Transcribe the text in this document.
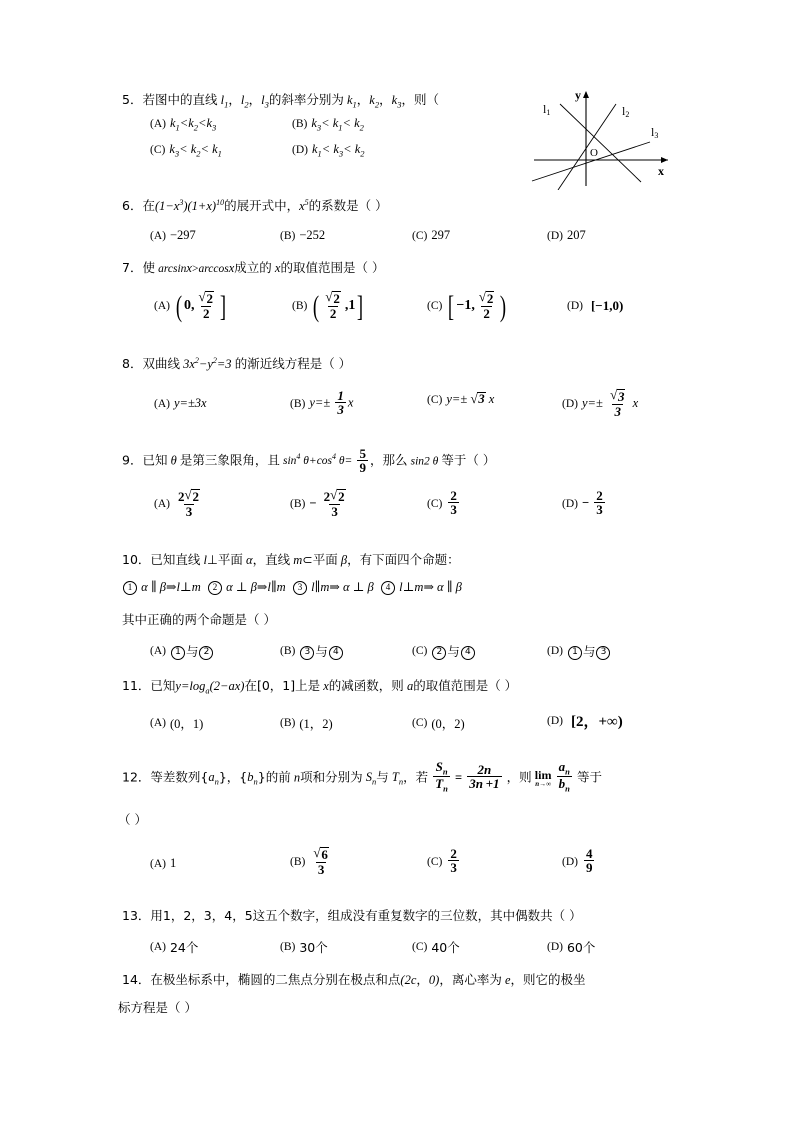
l1	l2
l3
y
x
O
5．若图中的直线 $l_1$，$l_2$，$l_3$的斜率分别为 $k_1$，$k_2$，$k_3$，则（
(A) $k_1<k_2<k_3$	(B) $k_3< k_1< k_2$
(C) $k_3< k_2< k_1$	(D) $k_1< k_3< k_2$
6．在$(1-x^3)(1+x)^{10}$的展开式中，$x^5$的系数是（ ）
(A) −297	(B) −252	(C) 297	(D) 207
7．使 arcsinx>arccosx成立的 x的取值范围是（ ）
(A) ( 0, √ $\frac{2}{2}$ ]	(B) ( √ $\frac{2}{2} ,1$ ]	(C) [ −1, √ $\frac{2}{2}$ )	(D) [−1,0)
8．双曲线 $3x^2-y^2=3$ 的渐近线方程是（ ）
(A) y=±3x	(B) $y=\pm \frac{1}{3}$ x	(C) y=± √ 3 x	(D) y=± √ $\frac{3}{3}$ x
9．已知 θ 是第三象限角，且 $\sin^4 \theta+\cos^4$ $\theta= \frac{5}{9}$ ，那么 sin2 θ 等于（ ）
$(A) \frac{2 √ 2}{3}$	$(B) - \frac{2 √ 2}{3}$	$(C) \frac{2}{3}$	$(D) - \frac{2}{3}$
10．已知直线 l⊥平面 α，直线 m⊂平面 β，有下面四个命题：
1 α ∥ β⇒l⊥m 2 α ⊥ β⇒l∥m 3 l∥m⇒ α ⊥ β 4 l⊥m⇒ α ∥ β
其中正确的两个命题是（ ）
(A)	1 与 2	(B)	3 与 4	(C)	2 与 4	(D)	1 与 3
11．已知$y=\log_a(2-ax)$在[0，1]上是 x的减函数，则 a的取值范围是（ ）
(A) (0，1)	(B) (1，2)	(C) (0，2)	(D) [2，+∞)
12．等差数列$\{a_n\}$，$\{b_n\}$的前 n项和分别为 $S_n$与 $T_n$，若 $\frac{S_n}{T_n} = \frac{2n}{3n +1}$ ，则 lim
n→∞
$\frac{a_n}{b_n}$ 等于
（ ）
(A) 1	(B) √ $\frac{6}{3}$	$(C) \frac{2}{3}$	$(D) \frac{4}{9}$
13．用1，2，3，4，5这五个数字，组成没有重复数字的三位数，其中偶数共（ ）
(A) 24个	(B) 30个	(C) 40个	(D) 60个
14．在极坐标系中，椭圆的二焦点分别在极点和点(2c，0)，离心率为 e，则它的极坐
标方程是（ ）
